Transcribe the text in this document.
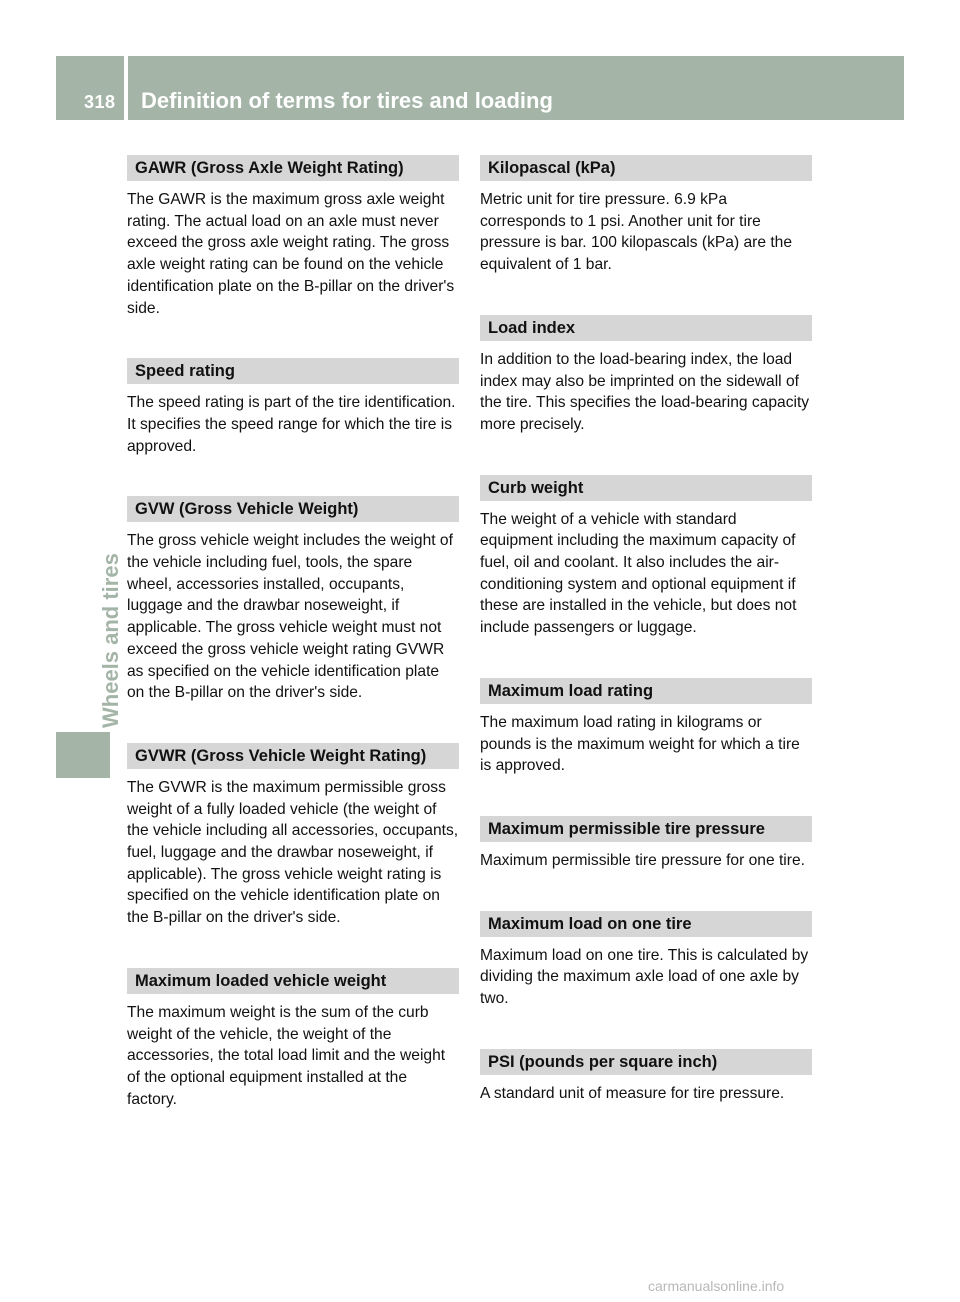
318 Definition of terms for tires and loading
Wheels and tires
GAWR (Gross Axle Weight Rating)

The GAWR is the maximum gross axle weight rating. The actual load on an axle must never exceed the gross axle weight rating. The gross axle weight rating can be found on the vehicle identification plate on the B-pillar on the driver's side.

Speed rating

The speed rating is part of the tire identification. It specifies the speed range for which the tire is approved.

GVW (Gross Vehicle Weight)

The gross vehicle weight includes the weight of the vehicle including fuel, tools, the spare wheel, accessories installed, occupants, luggage and the drawbar noseweight, if applicable. The gross vehicle weight must not exceed the gross vehicle weight rating GVWR as specified on the vehicle identification plate on the B-pillar on the driver's side.

GVWR (Gross Vehicle Weight Rating)

The GVWR is the maximum permissible gross weight of a fully loaded vehicle (the weight of the vehicle including all accessories, occupants, fuel, luggage and the drawbar noseweight, if applicable). The gross vehicle weight rating is specified on the vehicle identification plate on the B-pillar on the driver's side.

Maximum loaded vehicle weight

The maximum weight is the sum of the curb weight of the vehicle, the weight of the accessories, the total load limit and the weight of the optional equipment installed at the factory.

Kilopascal (kPa)

Metric unit for tire pressure. 6.9 kPa corresponds to 1 psi. Another unit for tire pressure is bar. 100 kilopascals (kPa) are the equivalent of 1 bar.

Load index

In addition to the load-bearing index, the load index may also be imprinted on the sidewall of the tire. This specifies the load-bearing capacity more precisely.

Curb weight

The weight of a vehicle with standard equipment including the maximum capacity of fuel, oil and coolant. It also includes the air-conditioning system and optional equipment if these are installed in the vehicle, but does not include passengers or luggage.

Maximum load rating

The maximum load rating in kilograms or pounds is the maximum weight for which a tire is approved.

Maximum permissible tire pressure

Maximum permissible tire pressure for one tire.

Maximum load on one tire

Maximum load on one tire. This is calculated by dividing the maximum axle load of one axle by two.

PSI (pounds per square inch)

A standard unit of measure for tire pressure.

carmanualsonline.info
